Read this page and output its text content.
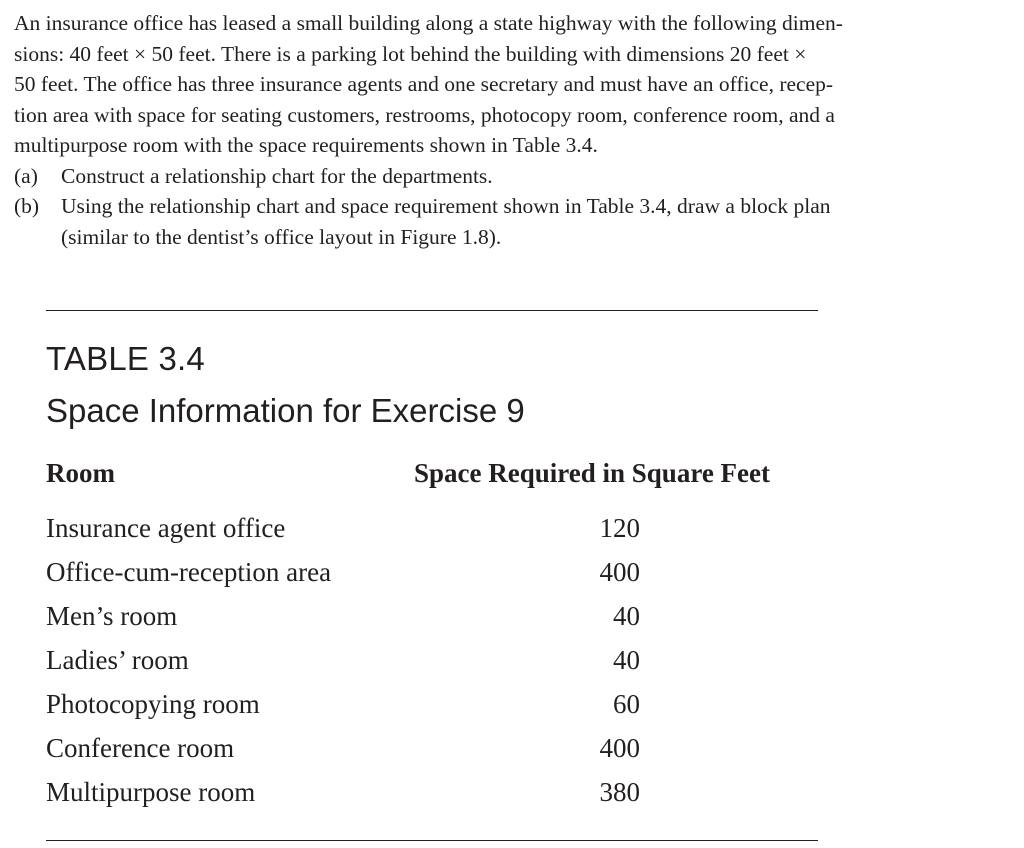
An insurance office has leased a small building along a state highway with the following dimen-
sions: 40 feet × 50 feet. There is a parking lot behind the building with dimensions 20 feet ×
50 feet. The office has three insurance agents and one secretary and must have an office, recep-
tion area with space for seating customers, restrooms, photocopy room, conference room, and a
multipurpose room with the space requirements shown in Table 3.4.
(a) Construct a relationship chart for the departments.
(b) Using the relationship chart and space requirement shown in Table 3.4, draw a block plan
(similar to the dentist’s office layout in Figure 1.8).
TABLE 3.4
Space Information for Exercise 9
Room	Space Required in Square Feet
Insurance agent office	120
Office-cum-reception area	400
Men’s room	40
Ladies’ room	40
Photocopying room	60
Conference room	400
Multipurpose room	380
